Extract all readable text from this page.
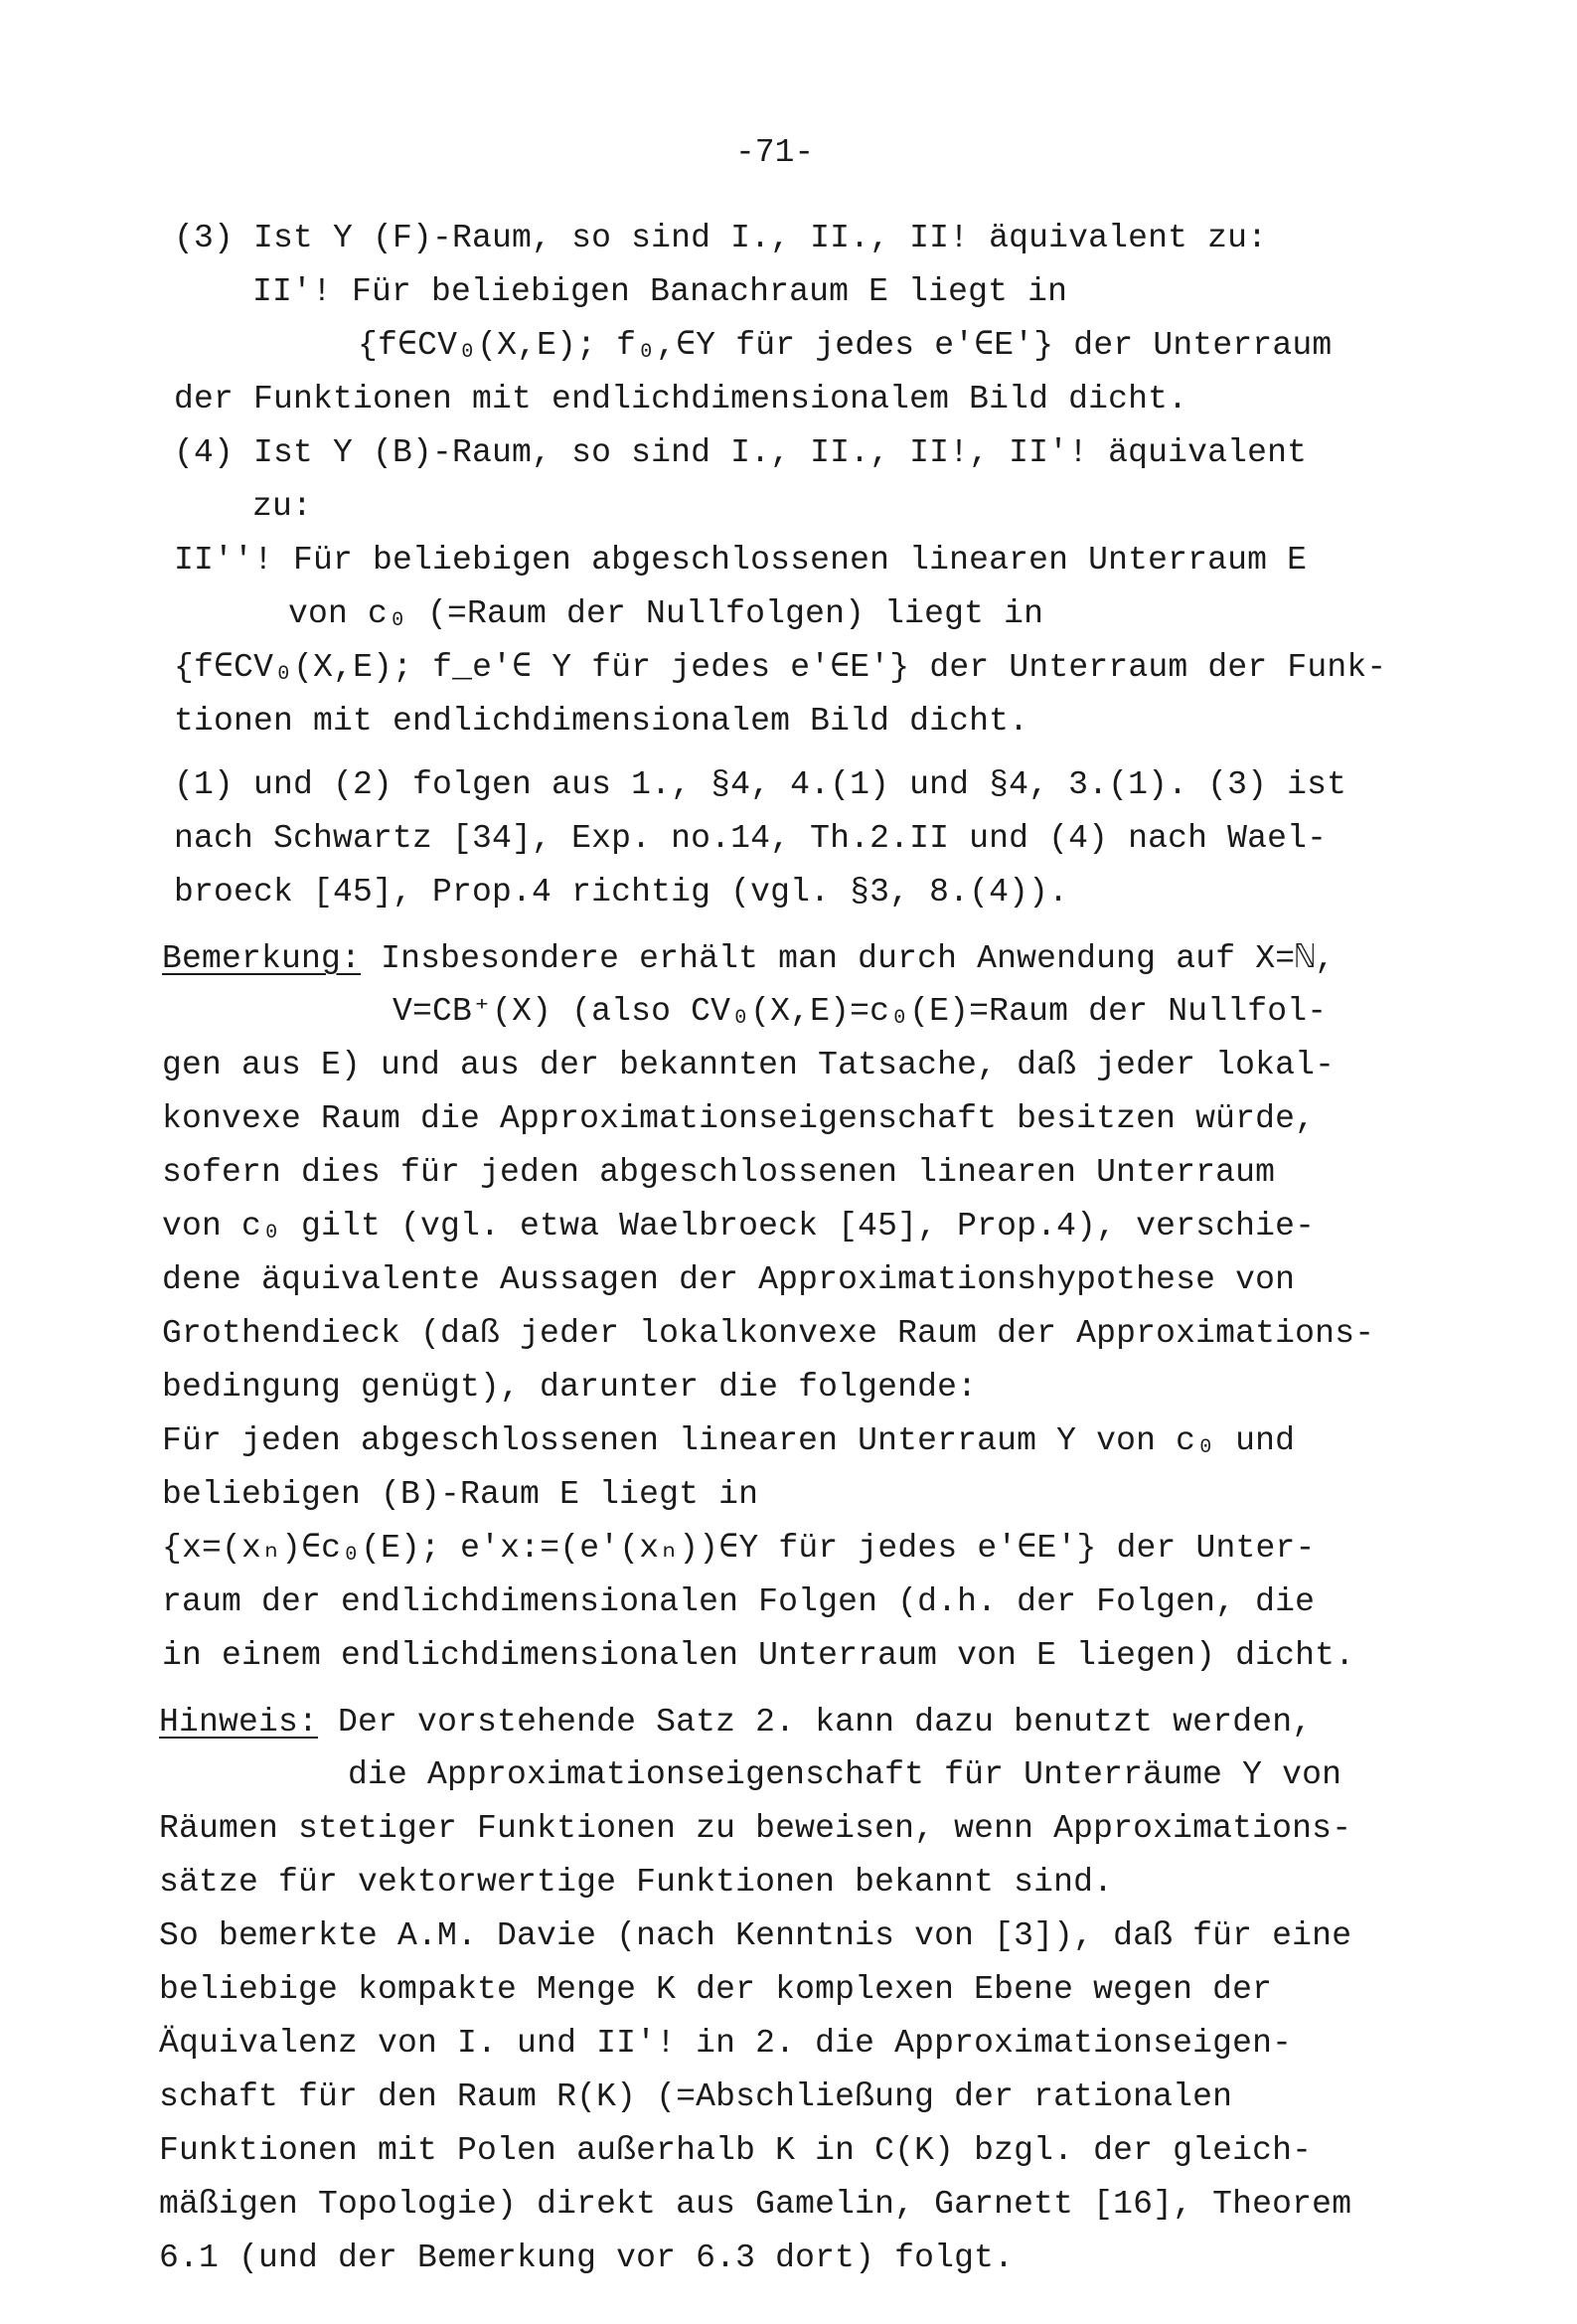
-71-
(3) Ist Y (F)-Raum, so sind I., II., II! äquivalent zu:
II'! Für beliebigen Banachraum E liegt in
{f∈CV₀(X,E); f₀,∈Y für jedes e'∈E'} der Unterraum
der Funktionen mit endlichdimensionalem Bild dicht.
(4) Ist Y (B)-Raum, so sind I., II., II!, II'! äquivalent
zu:
II''! Für beliebigen abgeschlossenen linearen Unterraum E
von c₀ (=Raum der Nullfolgen) liegt in
{f∈CV₀(X,E); f_e'∈ Y für jedes e'∈E'} der Unterraum der Funk-
tionen mit endlichdimensionalem Bild dicht.
(1) und (2) folgen aus 1., §4, 4.(1) und §4, 3.(1). (3) ist
nach Schwartz [34], Exp. no.14, Th.2.II und (4) nach Wael-
broeck [45], Prop.4 richtig (vgl. §3, 8.(4)).
Bemerkung: Insbesondere erhält man durch Anwendung auf X=ℕ,
V=CB⁺(X) (also CV₀(X,E)=c₀(E)=Raum der Nullfol-
gen aus E) und aus der bekannten Tatsache, daß jeder lokal-
konvexe Raum die Approximationseigenschaft besitzen würde,
sofern dies für jeden abgeschlossenen linearen Unterraum
von c₀ gilt (vgl. etwa Waelbroeck [45], Prop.4), verschie-
dene äquivalente Aussagen der Approximationshypothese von
Grothendieck (daß jeder lokalkonvexe Raum der Approximations-
bedingung genügt), darunter die folgende:
Für jeden abgeschlossenen linearen Unterraum Y von c₀ und
beliebigen (B)-Raum E liegt in
{x=(xₙ)∈c₀(E); e'x:=(e'(xₙ))∈Y für jedes e'∈E'} der Unter-
raum der endlichdimensionalen Folgen (d.h. der Folgen, die
in einem endlichdimensionalen Unterraum von E liegen) dicht.
Hinweis: Der vorstehende Satz 2. kann dazu benutzt werden,
die Approximationseigenschaft für Unterräume Y von
Räumen stetiger Funktionen zu beweisen, wenn Approximations-
sätze für vektorwertige Funktionen bekannt sind.
So bemerkte A.M. Davie (nach Kenntnis von [3]), daß für eine
beliebige kompakte Menge K der komplexen Ebene wegen der
Äquivalenz von I. und II'! in 2. die Approximationseigen-
schaft für den Raum R(K) (=Abschließung der rationalen
Funktionen mit Polen außerhalb K in C(K) bzgl. der gleich-
mäßigen Topologie) direkt aus Gamelin, Garnett [16], Theorem
6.1 (und der Bemerkung vor 6.3 dort) folgt.
